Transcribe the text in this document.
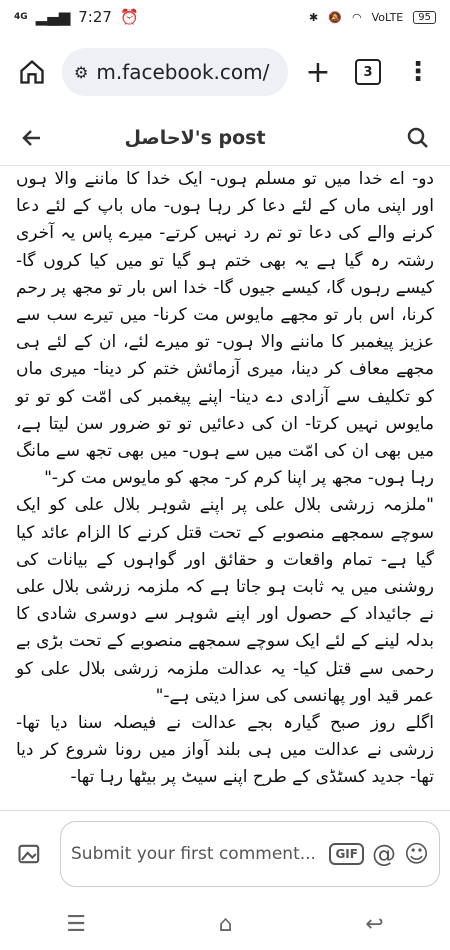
4G ▂▄▆ 7:27 ⏰	✱ 🔕 ◠ VoLTE	95
⚙ m.facebook.com/ +	3	⋮
لاحاصل's post
دو- اے خدا میں تو مسلم ہوں- ایک خدا کا ماننے والا ہوں اور اپنی ماں کے لئے دعا کر رہا ہوں- ماں باپ کے لئے دعا کرنے والے کی دعا تو تم رد نہیں کرتے- میرے پاس یہ آخری رشتہ رہ گیا ہے یہ بھی ختم ہو گیا تو میں کیا کروں گا- کیسے رہوں گا، کیسے جیوں گا- خدا اس بار تو مجھ پر رحم کرنا، اس بار تو مجھے مایوس مت کرنا- میں تیرے سب سے عزیز پیغمبر کا ماننے والا ہوں- تو میرے لئے، ان کے لئے ہی مجھے معاف کر دینا، میری آزمائش ختم کر دینا- میری ماں کو تکلیف سے آزادی دے دینا- اپنے پیغمبر کی امّت کو تو تو مایوس نہیں کرتا- ان کی دعائیں تو تو ضرور سن لیتا ہے، میں بھی ان کی امّت میں سے ہوں- میں بھی تجھ سے مانگ رہا ہوں- مجھ پر اپنا کرم کر- مجھ کو مایوس مت کر-"
"ملزمہ زرشی بلال علی پر اپنے شوہر بلال علی کو ایک سوچے سمجھے منصوبے کے تحت قتل کرنے کا الزام عائد کیا گیا ہے- تمام واقعات و حقائق اور گواہوں کے بیانات کی روشنی میں یہ ثابت ہو جاتا ہے کہ ملزمہ زرشی بلال علی نے جائیداد کے حصول اور اپنے شوہر سے دوسری شادی کا بدلہ لینے کے لئے ایک سوچے سمجھے منصوبے کے تحت بڑی بے رحمی سے قتل کیا- یہ عدالت ملزمہ زرشی بلال علی کو عمر قید اور پھانسی کی سزا دیتی ہے-"
اگلے روز صبح گیارہ بجے عدالت نے فیصلہ سنا دیا تھا- زرشی نے عدالت میں ہی بلند آواز میں رونا شروع کر دیا تھا- جدید کسٹڈی کے طرح اپنے سیٹ پر بیٹھا رہا تھا-
Submit your first comment...	GIF @ ☺
☰	⌂	↩
